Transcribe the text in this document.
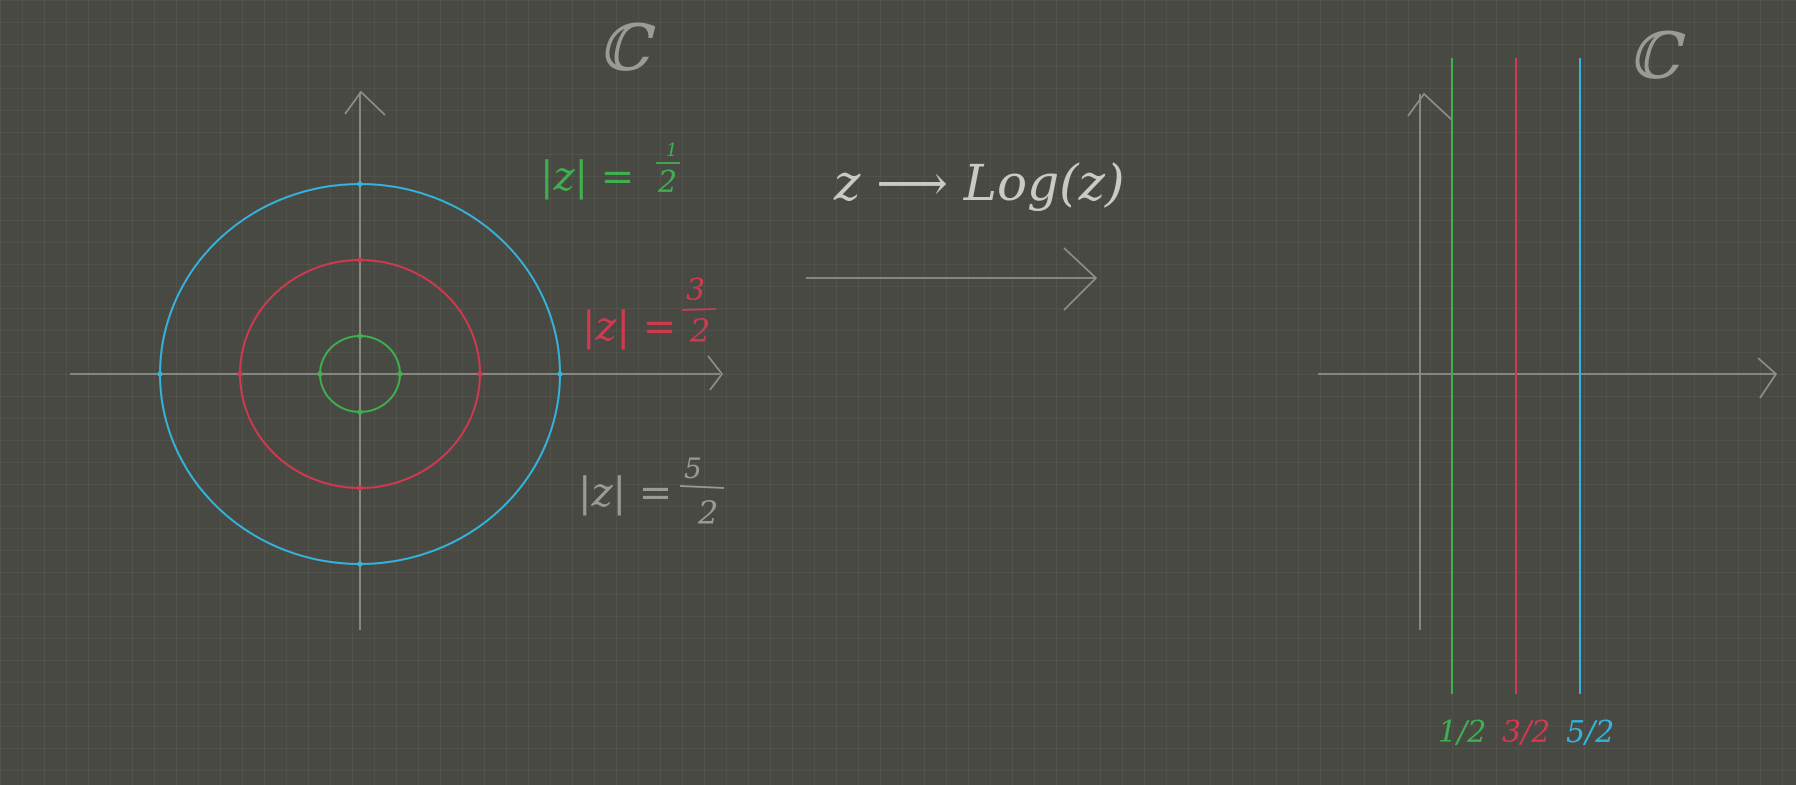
ℂ
|z| =
1
2
|z| =
3
2
|z| =
5
2
z ⟶ Log(z)
ℂ
1/2 3/2 5/2
